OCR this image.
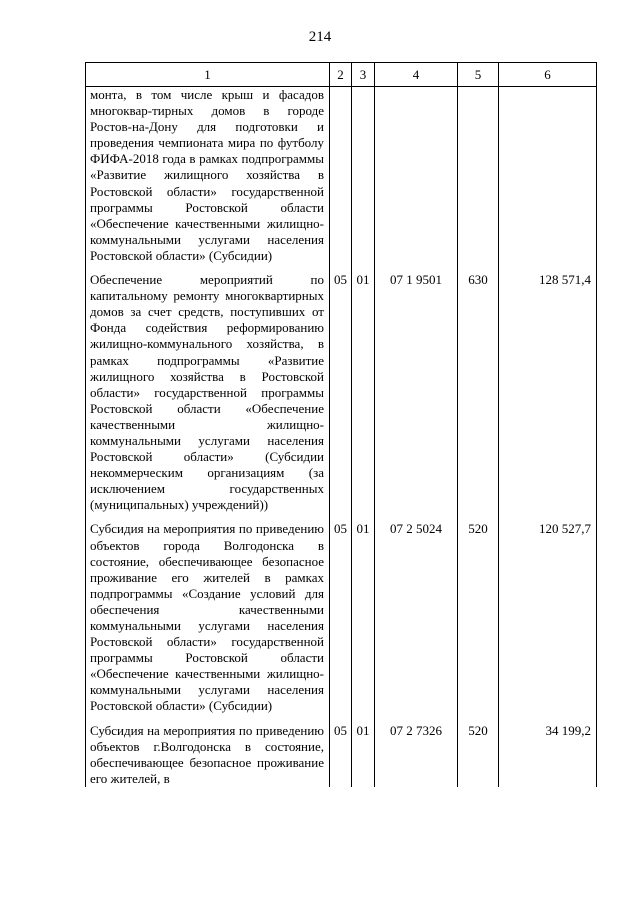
214
1	2	3	4	5	6
монта, в том числе крыш и фасадов многоквар-тирных домов в городе Ростов-на-Дону для подготовки и проведения чемпионата мира по футболу ФИФА-2018 года в рамках подпрограммы «Развитие жилищного хозяйства в Ростовской области» государственной программы Ростовской области «Обеспечение качественными жилищно-коммунальными услугами населения Ростовской области» (Субсидии)					

Обеспечение мероприятий по капитальному ремонту многоквартирных домов за счет средств, поступивших от Фонда содействия реформированию жилищно-коммунального хозяйства, в рамках подпрограммы «Развитие жилищного хозяйства в Ростовской области» государственной программы Ростовской области «Обеспечение качественными жилищно-коммунальными услугами населения Ростовской области» (Субсидии некоммерческим организациям (за исключением государственных (муниципальных) учреждений))	05	01	07 1 9501	630	128 571,4

Субсидия на мероприятия по приведению объектов города Волгодонска в состояние, обеспечивающее безопасное проживание его жителей в рамках подпрограммы «Создание условий для обеспечения качественными коммунальными услугами населения Ростовской области» государственной программы Ростовской области «Обеспечение качественными жилищно-коммунальными услугами населения Ростовской области» (Субсидии)	05	01	07 2 5024	520	120 527,7

Субсидия на мероприятия по приведению объектов г.Волгодонска в состояние, обеспечивающее безопасное проживание его жителей, в	05	01	07 2 7326	520	34 199,2
